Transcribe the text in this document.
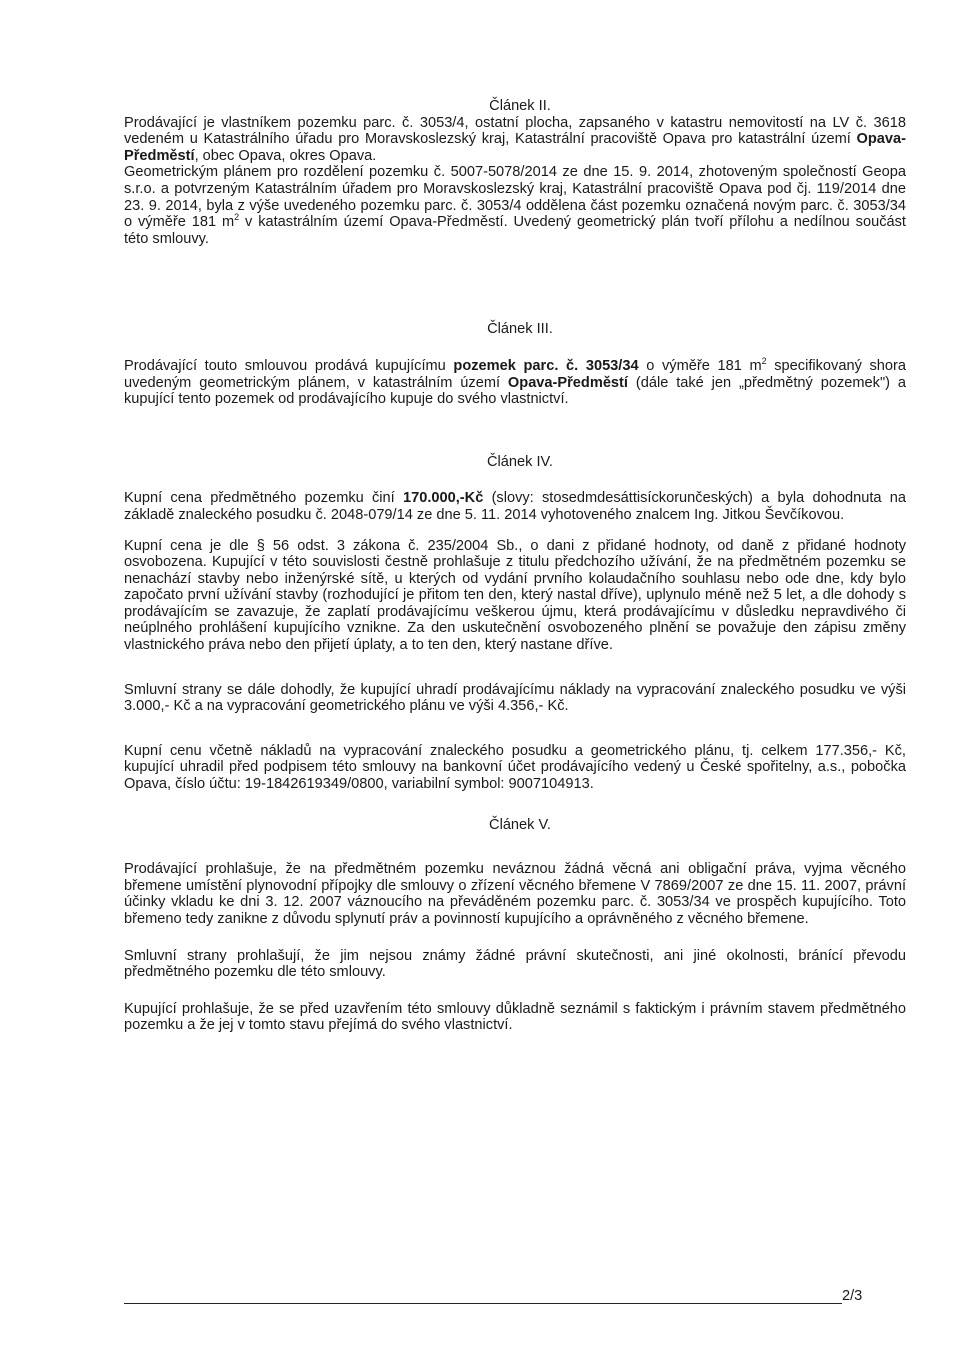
Článek II.

Prodávající je vlastníkem pozemku parc. č. 3053/4, ostatní plocha, zapsaného v katastru nemovitostí na LV č. 3618 vedeném u Katastrálního úřadu pro Moravskoslezský kraj, Katastrální pracoviště Opava pro katastrální území Opava-Předměstí, obec Opava, okres Opava.

Geometrickým plánem pro rozdělení pozemku č. 5007-5078/2014 ze dne 15. 9. 2014, zhotoveným společností Geopa s.r.o. a potvrzeným Katastrálním úřadem pro Moravskoslezský kraj, Katastrální pracoviště Opava pod čj. 119/2014 dne 23. 9. 2014, byla z výše uvedeného pozemku parc. č. 3053/4 oddělena část pozemku označená novým parc. č. 3053/34 o výměře 181 $m^2$ v katastrálním území Opava-Předměstí. Uvedený geometrický plán tvoří přílohu a nedílnou součást této smlouvy.

Článek III.

Prodávající touto smlouvou prodává kupujícímu pozemek parc. č. 3053/34 o výměře 181 $m^2$ specifikovaný shora uvedeným geometrickým plánem, v katastrálním území Opava-Předměstí (dále také jen „předmětný pozemek") a kupující tento pozemek od prodávajícího kupuje do svého vlastnictví.

Článek IV.

Kupní cena předmětného pozemku činí 170.000,-Kč (slovy: stosedmdesáttisíckorunčeských) a byla dohodnuta na základě znaleckého posudku č. 2048-079/14 ze dne 5. 11. 2014 vyhotoveného znalcem Ing. Jitkou Ševčíkovou.

Kupní cena je dle § 56 odst. 3 zákona č. 235/2004 Sb., o dani z přidané hodnoty, od daně z přidané hodnoty osvobozena. Kupující v této souvislosti čestně prohlašuje z titulu předchozího užívání, že na předmětném pozemku se nenachází stavby nebo inženýrské sítě, u kterých od vydání prvního kolaudačního souhlasu nebo ode dne, kdy bylo započato první užívání stavby (rozhodující je přitom ten den, který nastal dříve), uplynulo méně než 5 let, a dle dohody s prodávajícím se zavazuje, že zaplatí prodávajícímu veškerou újmu, která prodávajícímu v důsledku nepravdivého či neúplného prohlášení kupujícího vznikne. Za den uskutečnění osvobozeného plnění se považuje den zápisu změny vlastnického práva nebo den přijetí úplaty, a to ten den, který nastane dříve.

Smluvní strany se dále dohodly, že kupující uhradí prodávajícímu náklady na vypracování znaleckého posudku ve výši 3.000,- Kč a na vypracování geometrického plánu ve výši 4.356,- Kč.

Kupní cenu včetně nákladů na vypracování znaleckého posudku a geometrického plánu, tj. celkem 177.356,- Kč, kupující uhradil před podpisem této smlouvy na bankovní účet prodávajícího vedený u České spořitelny, a.s., pobočka Opava, číslo účtu: 19-1842619349/0800, variabilní symbol: 9007104913.

Článek V.

Prodávající prohlašuje, že na předmětném pozemku neváznou žádná věcná ani obligační práva, vyjma věcného břemene umístění plynovodní přípojky dle smlouvy o zřízení věcného břemene V 7869/2007 ze dne 15. 11. 2007, právní účinky vkladu ke dni 3. 12. 2007 váznoucího na převáděném pozemku parc. č. 3053/34 ve prospěch kupujícího. Toto břemeno tedy zanikne z důvodu splynutí práv a povinností kupujícího a oprávněného z věcného břemene.

Smluvní strany prohlašují, že jim nejsou známy žádné právní skutečnosti, ani jiné okolnosti, bránící převodu předmětného pozemku dle této smlouvy.

Kupující prohlašuje, že se před uzavřením této smlouvy důkladně seznámil s faktickým i právním stavem předmětného pozemku a že jej v tomto stavu přejímá do svého vlastnictví.

2/3
